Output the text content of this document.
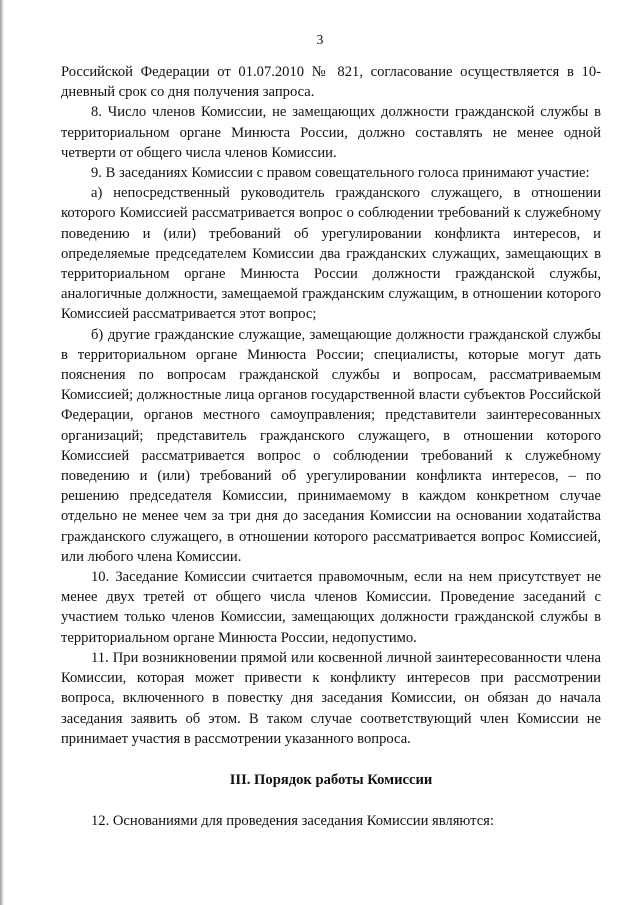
3

Российской Федерации от 01.07.2010 № 821, согласование осуществляется в 10-дневный срок со дня получения запроса.

8. Число членов Комиссии, не замещающих должности гражданской службы в территориальном органе Минюста России, должно составлять не менее одной четверти от общего числа членов Комиссии.

9. В заседаниях Комиссии с правом совещательного голоса принимают участие:

а) непосредственный руководитель гражданского служащего, в отношении которого Комиссией рассматривается вопрос о соблюдении требований к служебному поведению и (или) требований об урегулировании конфликта интересов, и определяемые председателем Комиссии два гражданских служащих, замещающих в территориальном органе Минюста России должности гражданской службы, аналогичные должности, замещаемой гражданским служащим, в отношении которого Комиссией рассматривается этот вопрос;

б) другие гражданские служащие, замещающие должности гражданской службы в территориальном органе Минюста России; специалисты, которые могут дать пояснения по вопросам гражданской службы и вопросам, рассматриваемым Комиссией; должностные лица органов государственной власти субъектов Российской Федерации, органов местного самоуправления; представители заинтересованных организаций; представитель гражданского служащего, в отношении которого Комиссией рассматривается вопрос о соблюдении требований к служебному поведению и (или) требований об урегулировании конфликта интересов, – по решению председателя Комиссии, принимаемому в каждом конкретном случае отдельно не менее чем за три дня до заседания Комиссии на основании ходатайства гражданского служащего, в отношении которого рассматривается вопрос Комиссией, или любого члена Комиссии.

10. Заседание Комиссии считается правомочным, если на нем присутствует не менее двух третей от общего числа членов Комиссии. Проведение заседаний с участием только членов Комиссии, замещающих должности гражданской службы в территориальном органе Минюста России, недопустимо.

11. При возникновении прямой или косвенной личной заинтересованности члена Комиссии, которая может привести к конфликту интересов при рассмотрении вопроса, включенного в повестку дня заседания Комиссии, он обязан до начала заседания заявить об этом. В таком случае соответствующий член Комиссии не принимает участия в рассмотрении указанного вопроса.

III. Порядок работы Комиссии

12. Основаниями для проведения заседания Комиссии являются:
